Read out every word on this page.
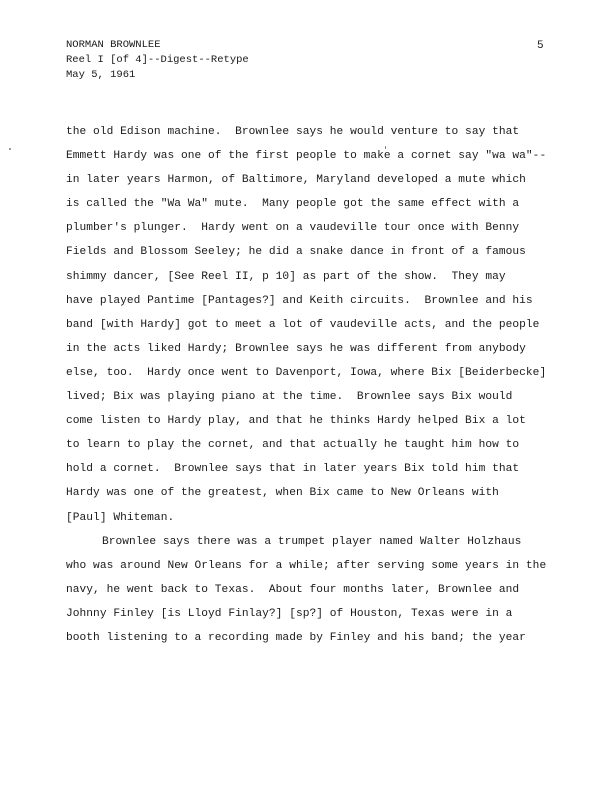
NORMAN BROWNLEE
Reel I [of 4]--Digest--Retype
May 5, 1961
5
the old Edison machine.  Brownlee says he would venture to say that
Emmett Hardy was one of the first people to make a cornet say "wa wa"--
in later years Harmon, of Baltimore, Maryland developed a mute which
is called the "Wa Wa" mute.  Many people got the same effect with a
plumber's plunger.  Hardy went on a vaudeville tour once with Benny
Fields and Blossom Seeley; he did a snake dance in front of a famous
shimmy dancer, [See Reel II, p 10] as part of the show.  They may
have played Pantime [Pantages?] and Keith circuits.  Brownlee and his
band [with Hardy] got to meet a lot of vaudeville acts, and the people
in the acts liked Hardy; Brownlee says he was different from anybody
else, too.  Hardy once went to Davenport, Iowa, where Bix [Beiderbecke]
lived; Bix was playing piano at the time.  Brownlee says Bix would
come listen to Hardy play, and that he thinks Hardy helped Bix a lot
to learn to play the cornet, and that actually he taught him how to
hold a cornet.  Brownlee says that in later years Bix told him that
Hardy was one of the greatest, when Bix came to New Orleans with
[Paul] Whiteman.
Brownlee says there was a trumpet player named Walter Holzhaus
who was around New Orleans for a while; after serving some years in the
navy, he went back to Texas.  About four months later, Brownlee and
Johnny Finley [is Lloyd Finlay?] [sp?] of Houston, Texas were in a
booth listening to a recording made by Finley and his band; the year
